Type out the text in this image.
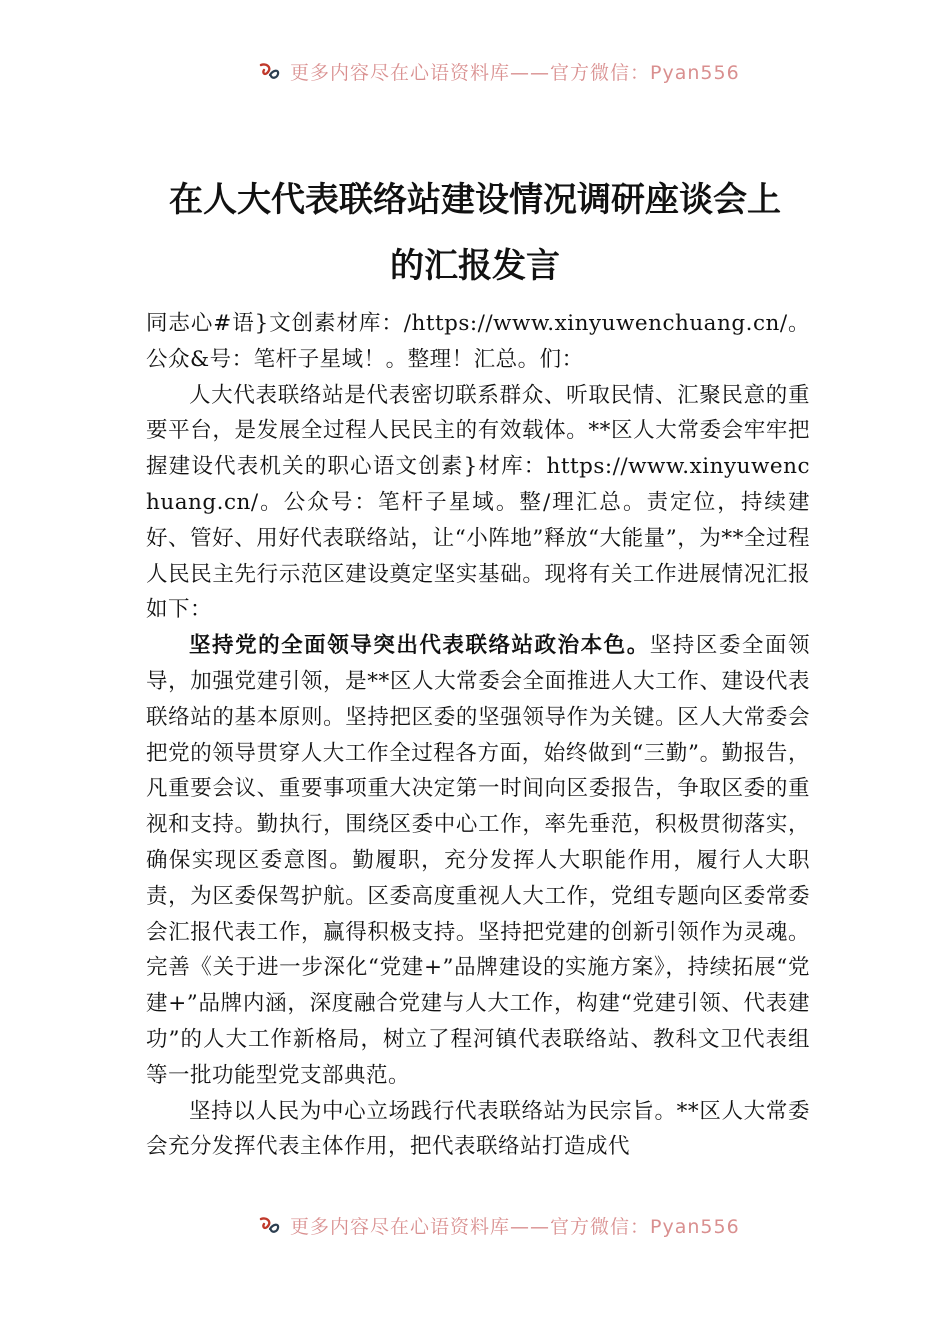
更多内容尽在心语资料库——官方微信：Pyan556
在人大代表联络站建设情况调研座谈会上
的汇报发言

同志心#语}文创素材库：/https://www.xinyuwenchuang.cn/。公众&号：笔杆子星域！。整理！汇总。们：

人大代表联络站是代表密切联系群众、听取民情、汇聚民意的重要平台，是发展全过程人民民主的有效载体。**区人大常委会牢牢把握建设代表机关的职心语文创素}材库：https://www.xinyuwenchuang.cn/。公众号：笔杆子星域。整/理汇总。责定位，持续建好、管好、用好代表联络站，让“小阵地”释放“大能量”，为**全过程人民民主先行示范区建设奠定坚实基础。现将有关工作进展情况汇报如下：

坚持党的全面领导突出代表联络站政治本色。坚持区委全面领导，加强党建引领，是**区人大常委会全面推进人大工作、建设代表联络站的基本原则。坚持把区委的坚强领导作为关键。区人大常委会把党的领导贯穿人大工作全过程各方面，始终做到“三勤”。勤报告，凡重要会议、重要事项重大决定第一时间向区委报告，争取区委的重视和支持。勤执行，围绕区委中心工作，率先垂范，积极贯彻落实，确保实现区委意图。勤履职，充分发挥人大职能作用，履行人大职责，为区委保驾护航。区委高度重视人大工作，党组专题向区委常委会汇报代表工作，赢得积极支持。坚持把党建的创新引领作为灵魂。完善《关于进一步深化“党建+”品牌建设的实施方案》，持续拓展“党建+”品牌内涵，深度融合党建与人大工作，构建“党建引领、代表建功”的人大工作新格局，树立了程河镇代表联络站、教科文卫代表组等一批功能型党支部典范。

坚持以人民为中心立场践行代表联络站为民宗旨。**区人大常委会充分发挥代表主体作用，把代表联络站打造成代

更多内容尽在心语资料库——官方微信：Pyan556
